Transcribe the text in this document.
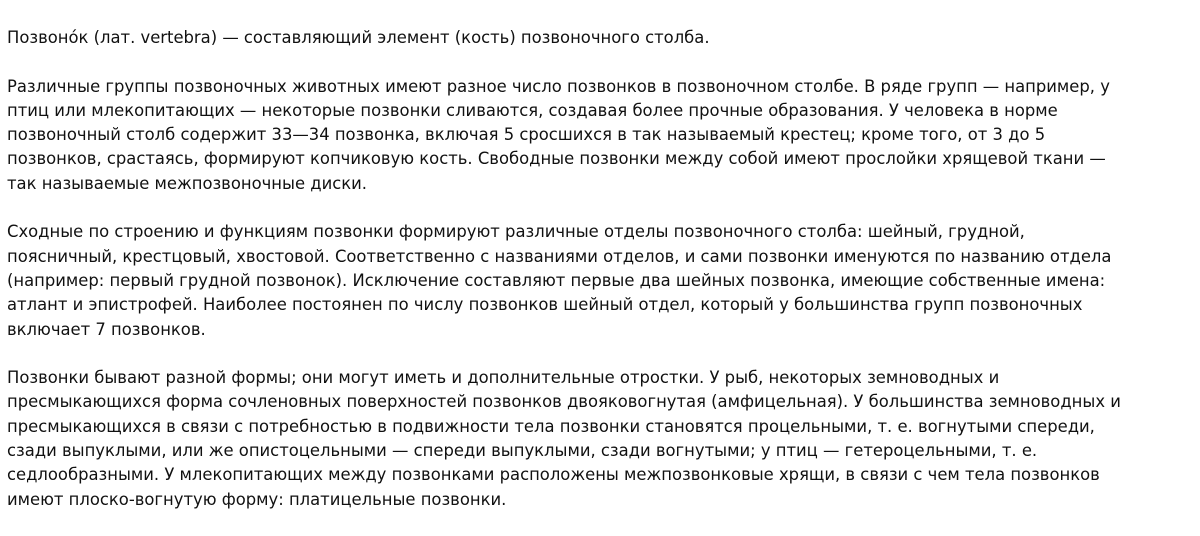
Позвонóк (лат. vertebra) — составляющий элемент (кость) позвоночного столба.

Различные группы позвоночных животных имеют разное число позвонков в позвоночном столбе. В ряде групп — например, у птиц или млекопитающих — некоторые позвонки сливаются, создавая более прочные образования. У человека в норме позвоночный столб содержит 33—34 позвонка, включая 5 сросшихся в так называемый крестец; кроме того, от 3 до 5 позвонков, срастаясь, формируют копчиковую кость. Свободные позвонки между собой имеют прослойки хрящевой ткани — так называемые межпозвоночные диски.

Сходные по строению и функциям позвонки формируют различные отделы позвоночного столба: шейный, грудной, поясничный, крестцовый, хвостовой. Соответственно с названиями отделов, и сами позвонки именуются по названию отдела (например: первый грудной позвонок). Исключение составляют первые два шейных позвонка, имеющие собственные имена: атлант и эпистрофей. Наиболее постоянен по числу позвонков шейный отдел, который у большинства групп позвоночных включает 7 позвонков.

Позвонки бывают разной формы; они могут иметь и дополнительные отростки. У рыб, некоторых земноводных и пресмыкающихся форма сочленовных поверхностей позвонков двояковогнутая (амфицельная). У большинства земноводных и пресмыкающихся в связи с потребностью в подвижности тела позвонки становятся процельными, т. е. вогнутыми спереди, сзади выпуклыми, или же опистоцельными — спереди выпуклыми, сзади вогнутыми; у птиц — гетероцельными, т. е. седлообразными. У млекопитающих между позвонками расположены межпозвонковые хрящи, в связи с чем тела позвонков имеют плоско-вогнутую форму: платицельные позвонки.
